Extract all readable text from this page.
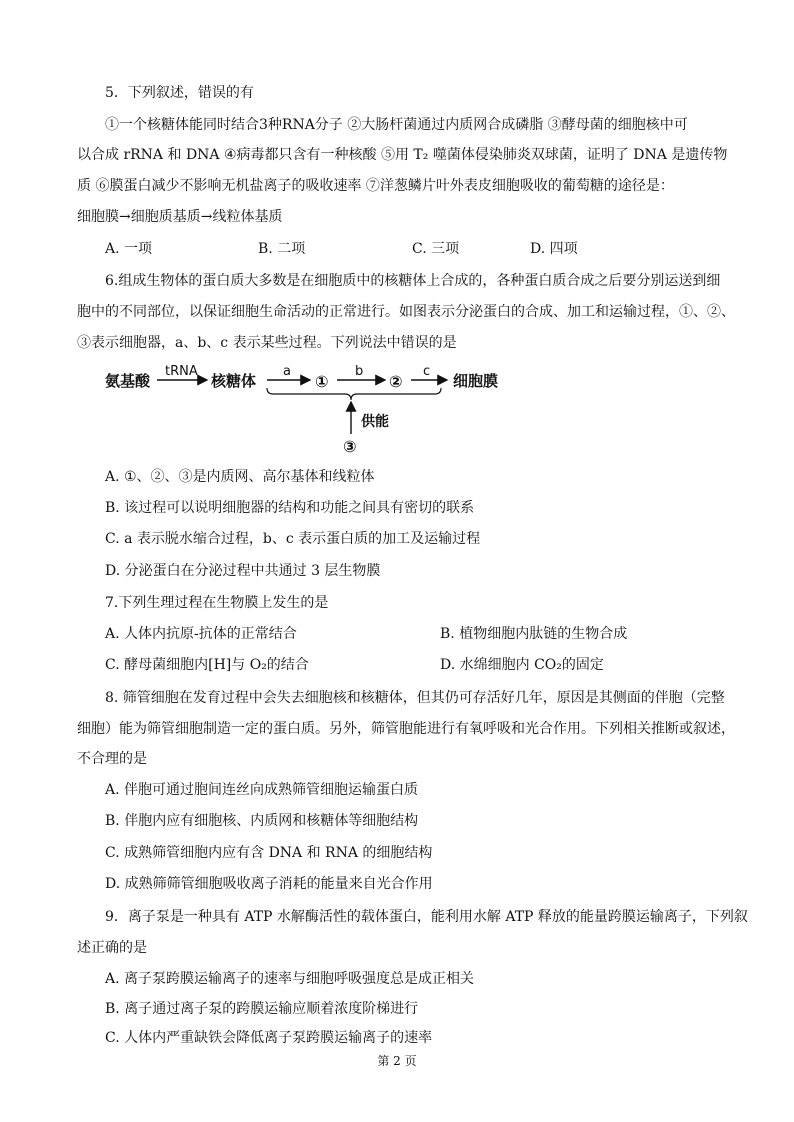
5．下列叙述，错误的有
①一个核糖体能同时结合3种RNA分子 ②大肠杆菌通过内质网合成磷脂 ③酵母菌的细胞核中可
以合成 rRNA 和 DNA ④病毒都只含有一种核酸 ⑤用 T₂ 噬菌体侵染肺炎双球菌，证明了 DNA 是遗传物
质 ⑥膜蛋白减少不影响无机盐离子的吸收速率 ⑦洋葱鳞片叶外表皮细胞吸收的葡萄糖的途径是：
细胞膜→细胞质基质→线粒体基质
A. 一项	B. 二项	C. 三项	D. 四项
6.组成生物体的蛋白质大多数是在细胞质中的核糖体上合成的，各种蛋白质合成之后要分别运送到细
胞中的不同部位，以保证细胞生命活动的正常进行。如图表示分泌蛋白的合成、加工和运输过程，①、②、
③表示细胞器，a、b、c 表示某些过程。下列说法中错误的是
氨基酸
tRNA
核糖体
a
①
b
②
c
细胞膜
供能
③
A. ①、②、③是内质网、高尔基体和线粒体
B. 该过程可以说明细胞器的结构和功能之间具有密切的联系
C. a 表示脱水缩合过程，b、c 表示蛋白质的加工及运输过程
D. 分泌蛋白在分泌过程中共通过 3 层生物膜
7.下列生理过程在生物膜上发生的是
A. 人体内抗原-抗体的正常结合	B. 植物细胞内肽链的生物合成
C. 酵母菌细胞内[H]与 O₂的结合	D. 水绵细胞内 CO₂的固定
8. 筛管细胞在发育过程中会失去细胞核和核糖体，但其仍可存活好几年，原因是其侧面的伴胞（完整
细胞）能为筛管细胞制造一定的蛋白质。另外，筛管胞能进行有氧呼吸和光合作用。下列相关推断或叙述，
不合理的是
A. 伴胞可通过胞间连丝向成熟筛管细胞运输蛋白质
B. 伴胞内应有细胞核、内质网和核糖体等细胞结构
C. 成熟筛管细胞内应有含 DNA 和 RNA 的细胞结构
D. 成熟筛筛管细胞吸收离子消耗的能量来自光合作用
9．离子泵是一种具有 ATP 水解酶活性的载体蛋白，能利用水解 ATP 释放的能量跨膜运输离子，下列叙
述正确的是
A. 离子泵跨膜运输离子的速率与细胞呼吸强度总是成正相关
B. 离子通过离子泵的跨膜运输应顺着浓度阶梯进行
C. 人体内严重缺铁会降低离子泵跨膜运输离子的速率
第 2 页
